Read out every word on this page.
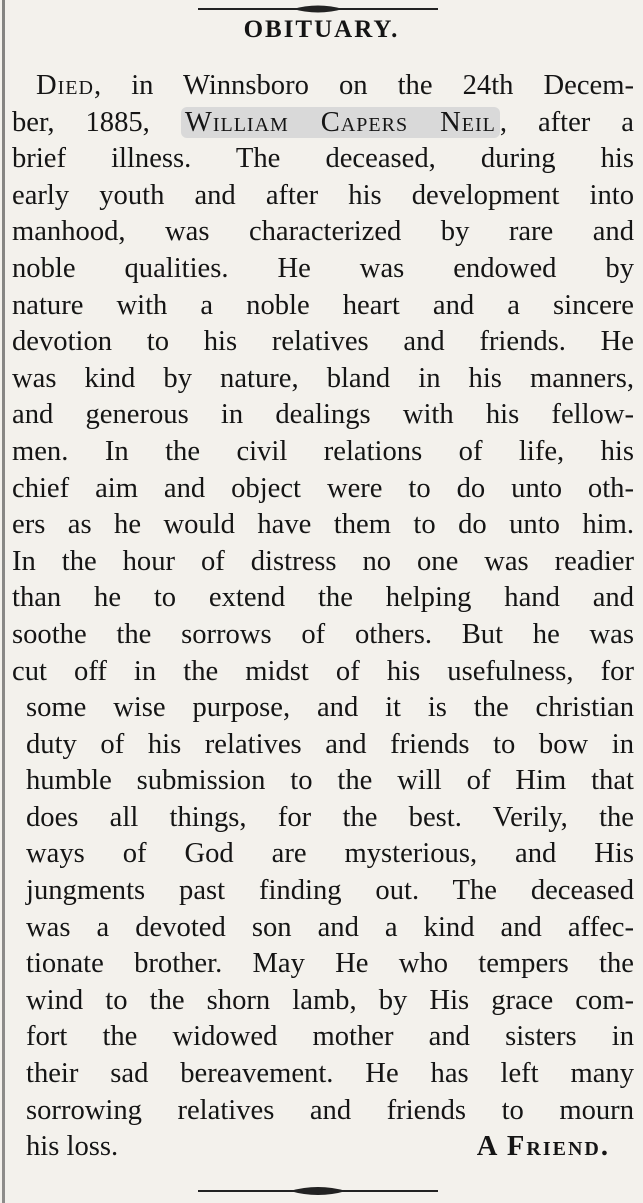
OBITUARY.
Died, in Winnsboro on the 24th Decem-
ber, 1885, William Capers Neil , after a
brief illness. The deceased, during his
early youth and after his development into
manhood, was characterized by rare and
noble qualities. He was endowed by
nature with a noble heart and a sincere
devotion to his relatives and friends. He
was kind by nature, bland in his manners,
and generous in dealings with his fellow-
men. In the civil relations of life, his
chief aim and object were to do unto oth-
ers as he would have them to do unto him.
In the hour of distress no one was readier
than he to extend the helping hand and
soothe the sorrows of others. But he was
cut off in the midst of his usefulness, for
some wise purpose, and it is the christian
duty of his relatives and friends to bow in
humble submission to the will of Him that
does all things, for the best. Verily, the
ways of God are mysterious, and His
jungments past finding out. The deceased
was a devoted son and a kind and affec-
tionate brother. May He who tempers the
wind to the shorn lamb, by His grace com-
fort the widowed mother and sisters in
their sad bereavement. He has left many
sorrowing relatives and friends to mourn
his loss.	A Friend.
